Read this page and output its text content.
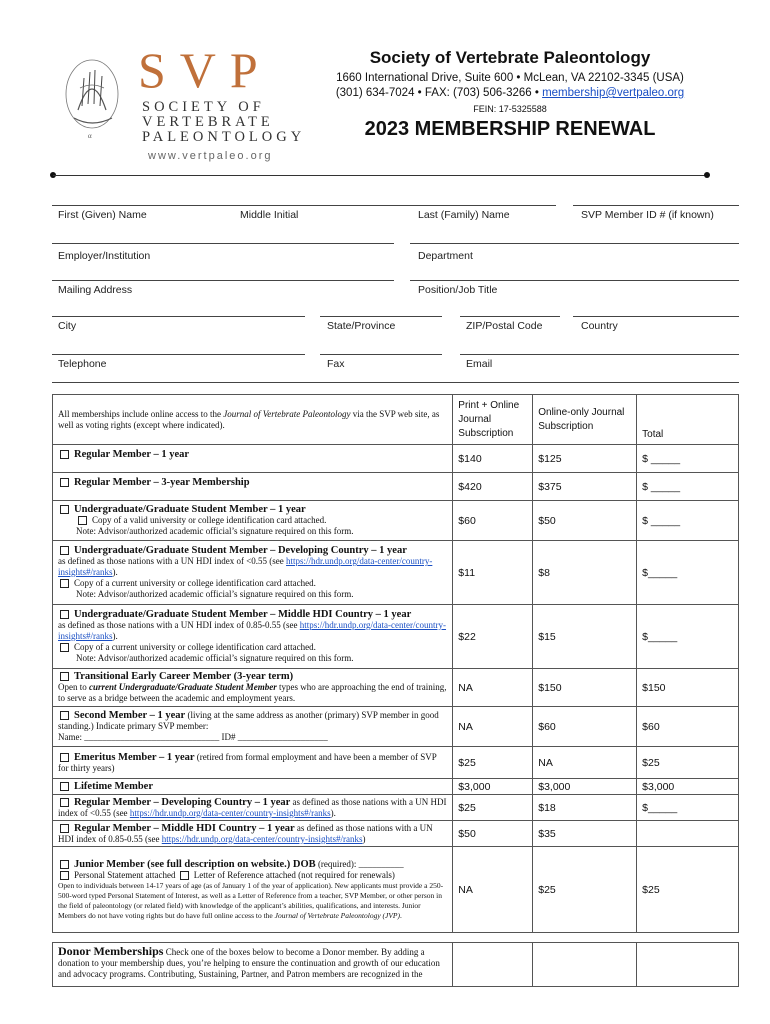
α
SVP
SOCIETY OF
VERTEBRATE
PALEONTOLOGY
www.vertpaleo.org
Society of Vertebrate Paleontology
1660 International Drive, Suite 600 • McLean, VA 22102-3345 (USA)
(301) 634-7024 • FAX: (703) 506-3266 • membership@vertpaleo.org
FEIN: 17-5325588
2023 MEMBERSHIP RENEWAL
First (Given) Name	Middle Initial	Last (Family) Name	SVP Member ID # (if known)
Employer/Institution	Department
Mailing Address	Position/Job Title
City	State/Province	ZIP/Postal Code	Country
Telephone	Fax	Email
All memberships include online access to the Journal of Vertebrate Paleontology via the SVP web site, as well as voting rights (except where indicated).	Print + Online Journal Subscription	Online-only Journal Subscription	Total
Regular Member – 1 year	$140	$125	$ _____
Regular Member – 3-year Membership	$420	$375	$ _____

Undergraduate/Graduate Student Member – 1 year
Copy of a valid university or college identification card attached.
Note: Advisor/authorized academic official’s signature required on this form.	$60	$50	$ _____

Undergraduate/Graduate Student Member – Developing Country – 1 year
as defined as those nations with a UN HDI index of <0.55 (see https://hdr.undp.org/data-center/country-insights#/ranks).
Copy of a current university or college identification card attached.
Note: Advisor/authorized academic official’s signature required on this form.	$11	$8	$_____

Undergraduate/Graduate Student Member – Middle HDI Country – 1 year
as defined as those nations with a UN HDI index of 0.85-0.55 (see https://hdr.undp.org/data-center/country-insights#/ranks).
Copy of a current university or college identification card attached.
Note: Advisor/authorized academic official’s signature required on this form.	$22	$15	$_____

Transitional Early Career Member (3-year term)
Open to current Undergraduate/Graduate Student Member types who are approaching the end of training, to serve as a bridge between the academic and employment years.	NA	$150	$150

Second Member – 1 year (living at the same address as another (primary) SVP member in good standing.) Indicate primary SVP member:
Name: ______________________________ ID# ____________________	NA	$60	$60
Emeritus Member – 1 year (retired from formal employment and have been a member of SVP for thirty years)	$25	NA	$25
Lifetime Member	$3,000	$3,000	$3,000
Regular Member – Developing Country – 1 year as defined as those nations with a UN HDI index of <0.55 (see https://hdr.undp.org/data-center/country-insights#/ranks).	$25	$18	$_____
Regular Member – Middle HDI Country – 1 year as defined as those nations with a UN HDI index of 0.85-0.55 (see https://hdr.undp.org/data-center/country-insights#/ranks)	$50	$35	

Junior Member (see full description on website.) DOB (required): __________
Personal Statement attached Letter of Reference attached (not required for renewals)
Open to individuals between 14-17 years of age (as of January 1 of the year of application). New applicants must provide a 250-500-word typed Personal Statement of Interest, as well as a Letter of Reference from a teacher, SVP Member, or other person in the field of paleontology (or related field) with knowledge of the applicant’s abilities, qualifications, and interests. Junior Members do not have voting rights but do have full online access to the Journal of Vertebrate Paleontology (JVP).	NA	$25	$25

Donor Memberships Check one of the boxes below to become a Donor member. By adding a donation to your membership dues, you’re helping to ensure the continuation and growth of our education and advocacy programs. Contributing, Sustaining, Partner, and Patron members are recognized in the			
